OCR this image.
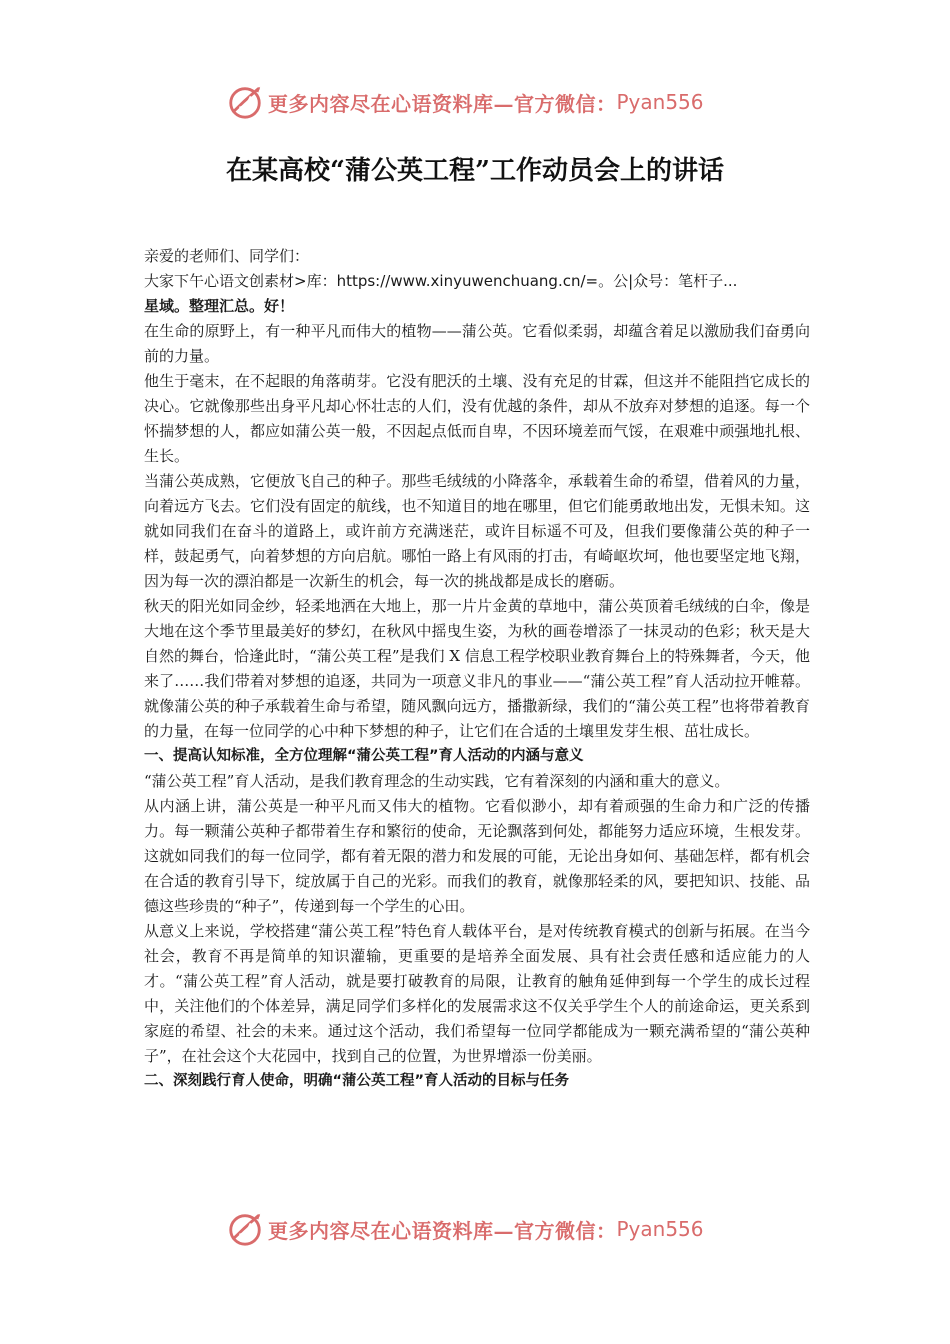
更多内容尽在心语资料库—官方微信： Pyan556
在某高校“蒲公英工程”工作动员会上的讲话

亲爱的老师们、同学们：

大家下午心语文创素材>库：https://www.xinyuwenchuang.cn/=。公|众号：笔杆子...

星域。整理汇总。好！

在生命的原野上，有一种平凡而伟大的植物——蒲公英。它看似柔弱，却蕴含着足以激励我们奋勇向前的力量。

他生于毫末，在不起眼的角落萌芽。它没有肥沃的土壤、没有充足的甘霖，但这并不能阻挡它成长的决心。它就像那些出身平凡却心怀壮志的人们，没有优越的条件，却从不放弃对梦想的追逐。每一个怀揣梦想的人，都应如蒲公英一般，不因起点低而自卑，不因环境差而气馁，在艰难中顽强地扎根、生长。

当蒲公英成熟，它便放飞自己的种子。那些毛绒绒的小降落伞，承载着生命的希望，借着风的力量，向着远方飞去。它们没有固定的航线，也不知道目的地在哪里，但它们能勇敢地出发，无惧未知。这就如同我们在奋斗的道路上，或许前方充满迷茫，或许目标遥不可及，但我们要像蒲公英的种子一样，鼓起勇气，向着梦想的方向启航。哪怕一路上有风雨的打击，有崎岖坎坷，他也要坚定地飞翔，因为每一次的漂泊都是一次新生的机会，每一次的挑战都是成长的磨砺。

秋天的阳光如同金纱，轻柔地洒在大地上，那一片片金黄的草地中，蒲公英顶着毛绒绒的白伞，像是大地在这个季节里最美好的梦幻，在秋风中摇曳生姿，为秋的画卷增添了一抹灵动的色彩；秋天是大自然的舞台，恰逢此时，“蒲公英工程”是我们 X 信息工程学校职业教育舞台上的特殊舞者，今天，他来了……我们带着对梦想的追逐，共同为一项意义非凡的事业——“蒲公英工程”育人活动拉开帷幕。就像蒲公英的种子承载着生命与希望，随风飘向远方，播撒新绿，我们的“蒲公英工程”也将带着教育的力量，在每一位同学的心中种下梦想的种子，让它们在合适的土壤里发芽生根、茁壮成长。

一、提高认知标准，全方位理解“蒲公英工程”育人活动的内涵与意义

“蒲公英工程”育人活动，是我们教育理念的生动实践，它有着深刻的内涵和重大的意义。

从内涵上讲，蒲公英是一种平凡而又伟大的植物。它看似渺小，却有着顽强的生命力和广泛的传播力。每一颗蒲公英种子都带着生存和繁衍的使命，无论飘落到何处，都能努力适应环境，生根发芽。这就如同我们的每一位同学，都有着无限的潜力和发展的可能，无论出身如何、基础怎样，都有机会在合适的教育引导下，绽放属于自己的光彩。而我们的教育，就像那轻柔的风，要把知识、技能、品德这些珍贵的“种子”，传递到每一个学生的心田。

从意义上来说，学校搭建“蒲公英工程”特色育人载体平台，是对传统教育模式的创新与拓展。在当今社会，教育不再是简单的知识灌输，更重要的是培养全面发展、具有社会责任感和适应能力的人才。“蒲公英工程”育人活动，就是要打破教育的局限，让教育的触角延伸到每一个学生的成长过程中，关注他们的个体差异，满足同学们多样化的发展需求这不仅关乎学生个人的前途命运，更关系到家庭的希望、社会的未来。通过这个活动，我们希望每一位同学都能成为一颗充满希望的“蒲公英种子”，在社会这个大花园中，找到自己的位置，为世界增添一份美丽。

二、深刻践行育人使命，明确“蒲公英工程”育人活动的目标与任务

更多内容尽在心语资料库—官方微信： Pyan556
